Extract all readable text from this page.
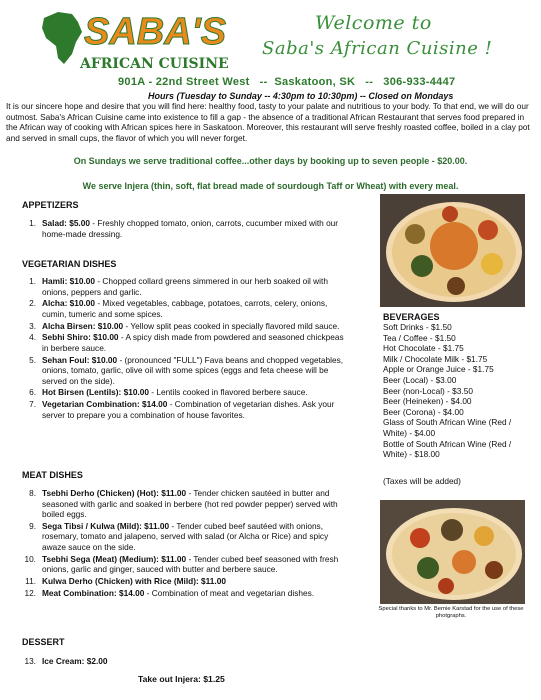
SABA'S
AFRICAN CUISINE
Welcome to
Saba's African Cuisine !
901A - 22nd Street West   --  Saskatoon, SK   --   306-933-4447
Hours (Tuesday to Sunday -- 4:30pm to 10:30pm) -- Closed on Mondays
It is our sincere hope and desire that you will find here: healthy food, tasty to your palate and nutritious to your body. To that end, we will do our outmost. Saba's African Cuisine came into existence to fill a gap - the absence of a traditional African Restaurant that serves food prepared in the African way of cooking with African spices here in Saskatoon. Moreover, this restaurant will serve freshly roasted coffee, boiled in a clay pot and served in small cups, the flavor of which you will never forget.
On Sundays we serve traditional coffee...other days by booking up to seven people - $20.00.
We serve Injera (thin, soft, flat bread made of sourdough Taff or Wheat) with every meal.
APPETIZERS
1. Salad: $5.00 - Freshly chopped tomato, onion, carrots, cucumber mixed with our home-made dressing.
VEGETARIAN DISHES
1. Hamli: $10.00 - Chopped collard greens simmered in our herb soaked oil with onions, peppers and garlic.
2. Alcha: $10.00 - Mixed vegetables, cabbage, potatoes, carrots, celery, onions, cumin, tumeric and some spices.
3. Alcha Birsen: $10.00 - Yellow split peas cooked in specially flavored mild sauce.
4. Sebhi Shiro: $10.00 - A spicy dish made from powdered and seasoned chickpeas in berbere sauce.
5. Sehan Foul: $10.00 - (pronounced "FULL") Fava beans and chopped vegetables, onions, tomato, garlic, olive oil with some spices (eggs and feta cheese will be served on the side).
6. Hot Birsen (Lentils): $10.00 - Lentils cooked in flavored berbere sauce.
7. Vegetarian Combination: $14.00 - Combination of vegetarian dishes. Ask your server to prepare you a combination of house favorites.
MEAT DISHES
8. Tsebhi Derho (Chicken) (Hot): $11.00 - Tender chicken sautéed in butter and seasoned with garlic and soaked in berbere (hot red powder pepper) served with boiled eggs.
9. Sega Tibsi / Kulwa (Mild): $11.00 - Tender cubed beef sautéed with onions, rosemary, tomato and jalapeno, served with salad (or Alcha or Rice) and spicy awaze sauce on the side.
10. Tsebhi Sega (Meat) (Medium): $11.00 - Tender cubed beef seasoned with fresh onions, garlic and ginger, sauced with butter and berbere sauce.
11. Kulwa Derho (Chicken) with Rice (Mild): $11.00
12. Meat Combination: $14.00 - Combination of meat and vegetarian dishes.
DESSERT
13. Ice Cream: $2.00
Take out Injera: $1.25
BEVERAGES
Soft Drinks - $1.50
Tea / Coffee - $1.50
Hot Chocolate - $1.75
Milk / Chocolate Milk - $1.75
Apple or Orange Juice - $1.75
Beer (Local) - $3.00
Beer (non-Local) - $3.50
Beer (Heineken) - $4.00
Beer (Corona) - $4.00
Glass of South African Wine (Red / White) - $4.00
Bottle of South African Wine (Red / White) - $18.00
(Taxes will be added)
Special thanks to Mr. Bernie Karstad for the use of these photgraphs.
